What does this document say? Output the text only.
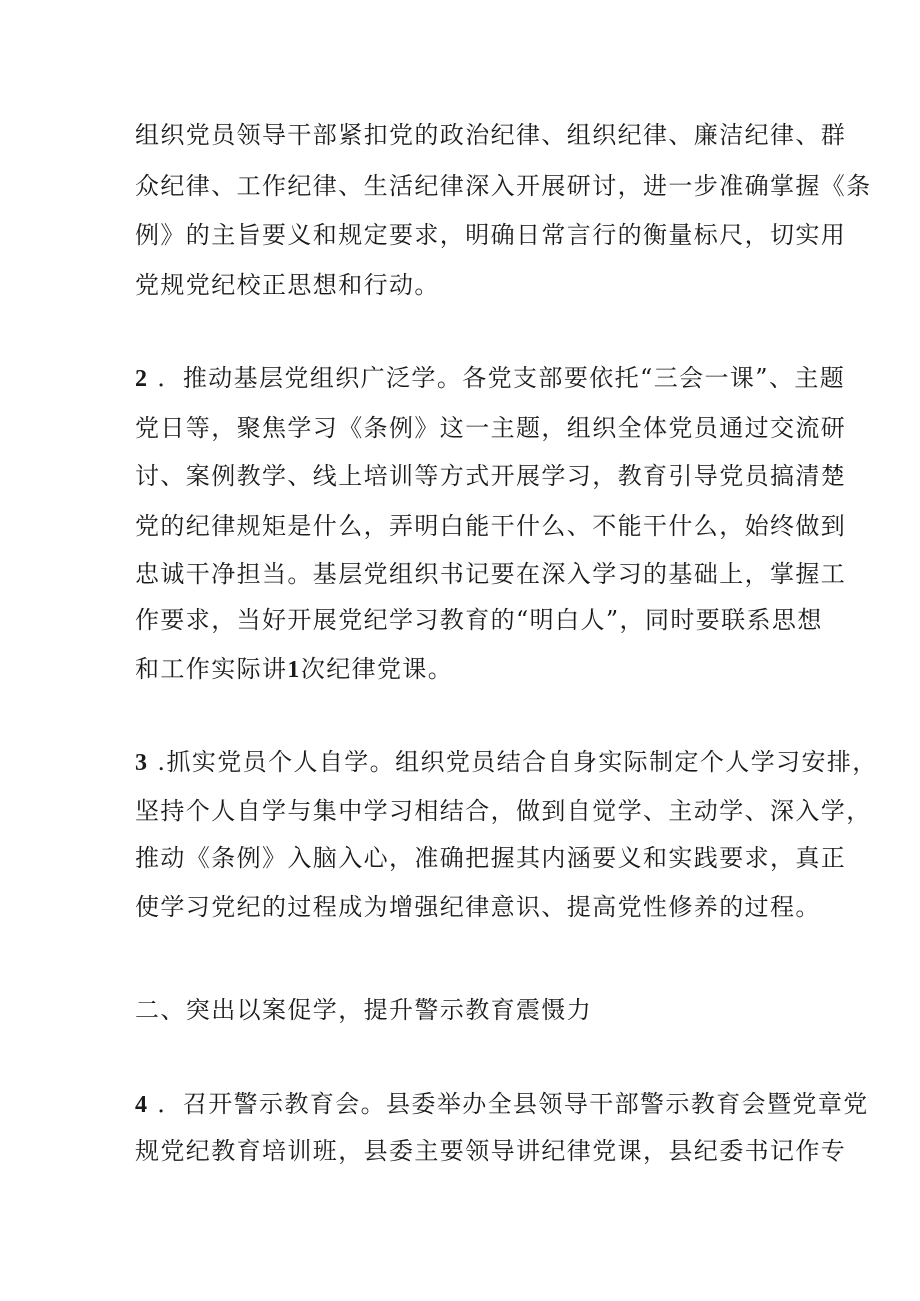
组织党员领导干部紧扣党的政治纪律、组织纪律、廉洁纪律、群
众纪律、工作纪律、生活纪律深入开展研讨，进一步准确掌握《条
例》的主旨要义和规定要求，明确日常言行的衡量标尺，切实用
党规党纪校正思想和行动。
2 ．推动基层党组织广泛学。各党支部要依托“三会一课”、主题
党日等，聚焦学习《条例》这一主题，组织全体党员通过交流研
讨、案例教学、线上培训等方式开展学习，教育引导党员搞清楚
党的纪律规矩是什么，弄明白能干什么、不能干什么，始终做到
忠诚干净担当。基层党组织书记要在深入学习的基础上，掌握工
作要求，当好开展党纪学习教育的“明白人”，同时要联系思想
和工作实际讲1次纪律党课。
3 .抓实党员个人自学。组织党员结合自身实际制定个人学习安排，
坚持个人自学与集中学习相结合，做到自觉学、主动学、深入学，
推动《条例》入脑入心，准确把握其内涵要义和实践要求，真正
使学习党纪的过程成为增强纪律意识、提高党性修养的过程。
二、突出以案促学，提升警示教育震慑力
4 ．召开警示教育会。县委举办全县领导干部警示教育会暨党章党
规党纪教育培训班，县委主要领导讲纪律党课，县纪委书记作专
